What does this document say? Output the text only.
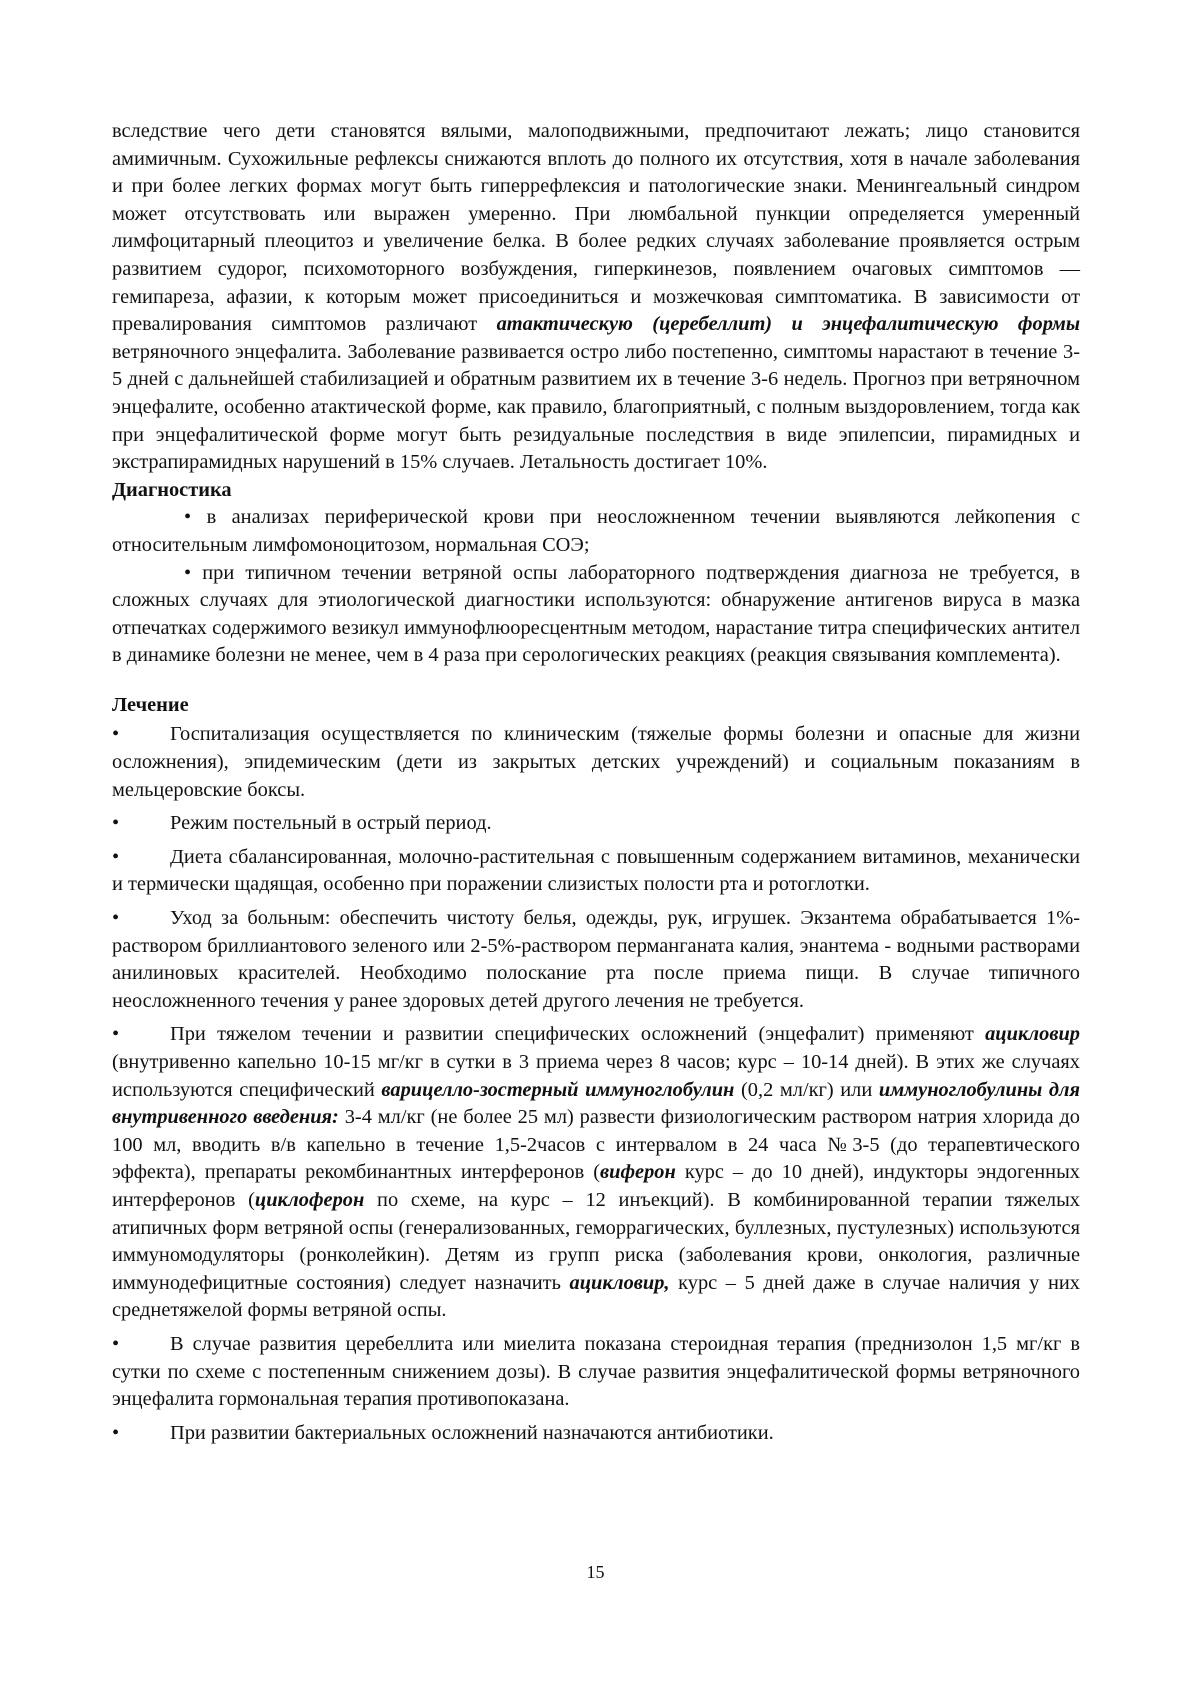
вследствие чего дети становятся вялыми, малоподвижными, предпочитают лежать; лицо становится амимичным. Сухожильные рефлексы снижаются вплоть до полного их отсутствия, хотя в начале заболевания и при более легких формах могут быть гиперрефлексия и патологические знаки. Менингеальный синдром может отсутствовать или выражен умеренно. При люмбальной пункции определяется умеренный лимфоцитарный плеоцитоз и увеличение белка. В более редких случаях заболевание проявляется острым развитием судорог, психомоторного возбуждения, гиперкинезов, появлением очаговых симптомов — гемипареза, афазии, к которым может присоединиться и мозжечковая симптоматика. В зависимости от превалирования симптомов различают атактическую (церебеллит) и энцефалитическую формы ветряночного энцефалита. Заболевание развивается остро либо постепенно, симптомы нарастают в течение 3-5 дней с дальнейшей стабилизацией и обратным развитием их в течение 3-6 недель. Прогноз при ветряночном энцефалите, особенно атактической форме, как правило, благоприятный, с полным выздоровлением, тогда как при энцефалитической форме могут быть резидуальные последствия в виде эпилепсии, пирамидных и экстрапирамидных нарушений в 15% случаев. Летальность достигает 10%.

Диагностика

• в анализах периферической крови при неосложненном течении выявляются лейкопения с относительным лимфомоноцитозом, нормальная СОЭ;

• при типичном течении ветряной оспы лабораторного подтверждения диагноза не требуется, в сложных случаях для этиологической диагностики используются: обнаружение антигенов вируса в мазка отпечатках содержимого везикул иммунофлюоресцентным методом, нарастание титра специфических антител в динамике болезни не менее, чем в 4 раза при серологических реакциях (реакция связывания комплемента).

Лечение

•	Госпитализация осуществляется по клиническим (тяжелые формы болезни и опасные для жизни осложнения), эпидемическим (дети из закрытых детских учреждений) и социальным показаниям в мельцеровские боксы.
•	Режим постельный в острый период.
•	Диета сбалансированная, молочно-растительная с повышенным содержанием витаминов, механически и термически щадящая, особенно при поражении слизистых полости рта и ротоглотки.
•	Уход за больным: обеспечить чистоту белья, одежды, рук, игрушек. Экзантема обрабатывается 1%-раствором бриллиантового зеленого или 2-5%-раствором перманганата калия, энантема - водными растворами анилиновых красителей. Необходимо полоскание рта после приема пищи. В случае типичного неосложненного течения у ранее здоровых детей другого лечения не требуется.
•	При тяжелом течении и развитии специфических осложнений (энцефалит) применяют ацикловир (внутривенно капельно 10-15 мг/кг в сутки в 3 приема через 8 часов; курс – 10-14 дней). В этих же случаях используются специфический варицелло-зостерный иммуноглобулин (0,2 мл/кг) или иммуноглобулины для внутривенного введения: 3-4 мл/кг (не более 25 мл) развести физиологическим раствором натрия хлорида до 100 мл, вводить в/в капельно в течение 1,5-2часов с интервалом в 24 часа №3-5 (до терапевтического эффекта), препараты рекомбинантных интерферонов (виферон курс – до 10 дней), индукторы эндогенных интерферонов (циклоферон по схеме, на курс – 12 инъекций). В комбинированной терапии тяжелых атипичных форм ветряной оспы (генерализованных, геморрагических, буллезных, пустулезных) используются иммуномодуляторы (ронколейкин). Детям из групп риска (заболевания крови, онкология, различные иммунодефицитные состояния) следует назначить ацикловир, курс – 5 дней даже в случае наличия у них среднетяжелой формы ветряной оспы.
•	В случае развития церебеллита или миелита показана стероидная терапия (преднизолон 1,5 мг/кг в сутки по схеме с постепенным снижением дозы). В случае развития энцефалитической формы ветряночного энцефалита гормональная терапия противопоказана.
•	При развитии бактериальных осложнений назначаются антибиотики.
15
